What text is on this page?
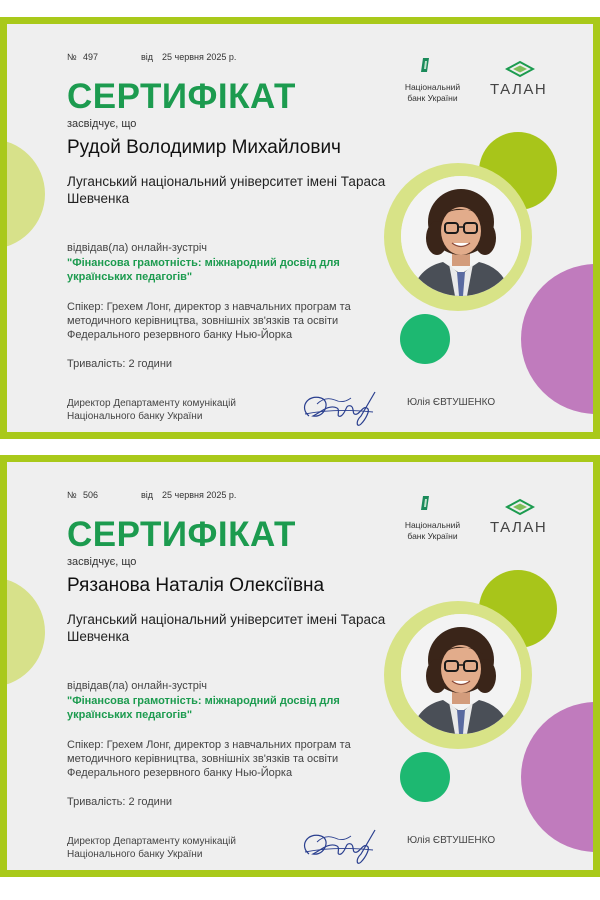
№ 497	від 25 червня 2025 р.
СЕРТИФІКАТ
засвідчує, що
Рудой Володимир Михайлович
Луганський національний університет імені Тараса Шевченка
відвідав(ла) онлайн-зустріч
"Фінансова грамотність: міжнародний досвід для українських педагогів"
Спікер: Грехем Лонг, директор з навчальних програм та методичного керівництва, зовнішніх зв'язків та освіти Федерального резервного банку Нью-Йорка
Тривалість: 2 години
Директор Департаменту комунікацій Національного банку України
Юлія ЄВТУШЕНКО
Національний банк України	ТАЛАН
№ 506	від 25 червня 2025 р.
СЕРТИФІКАТ
засвідчує, що
Рязанова Наталія Олексіївна
Луганський національний університет імені Тараса Шевченка
відвідав(ла) онлайн-зустріч
"Фінансова грамотність: міжнародний досвід для українських педагогів"
Спікер: Грехем Лонг, директор з навчальних програм та методичного керівництва, зовнішніх зв'язків та освіти Федерального резервного банку Нью-Йорка
Тривалість: 2 години
Директор Департаменту комунікацій Національного банку України
Юлія ЄВТУШЕНКО
Національний банк України	ТАЛАН
